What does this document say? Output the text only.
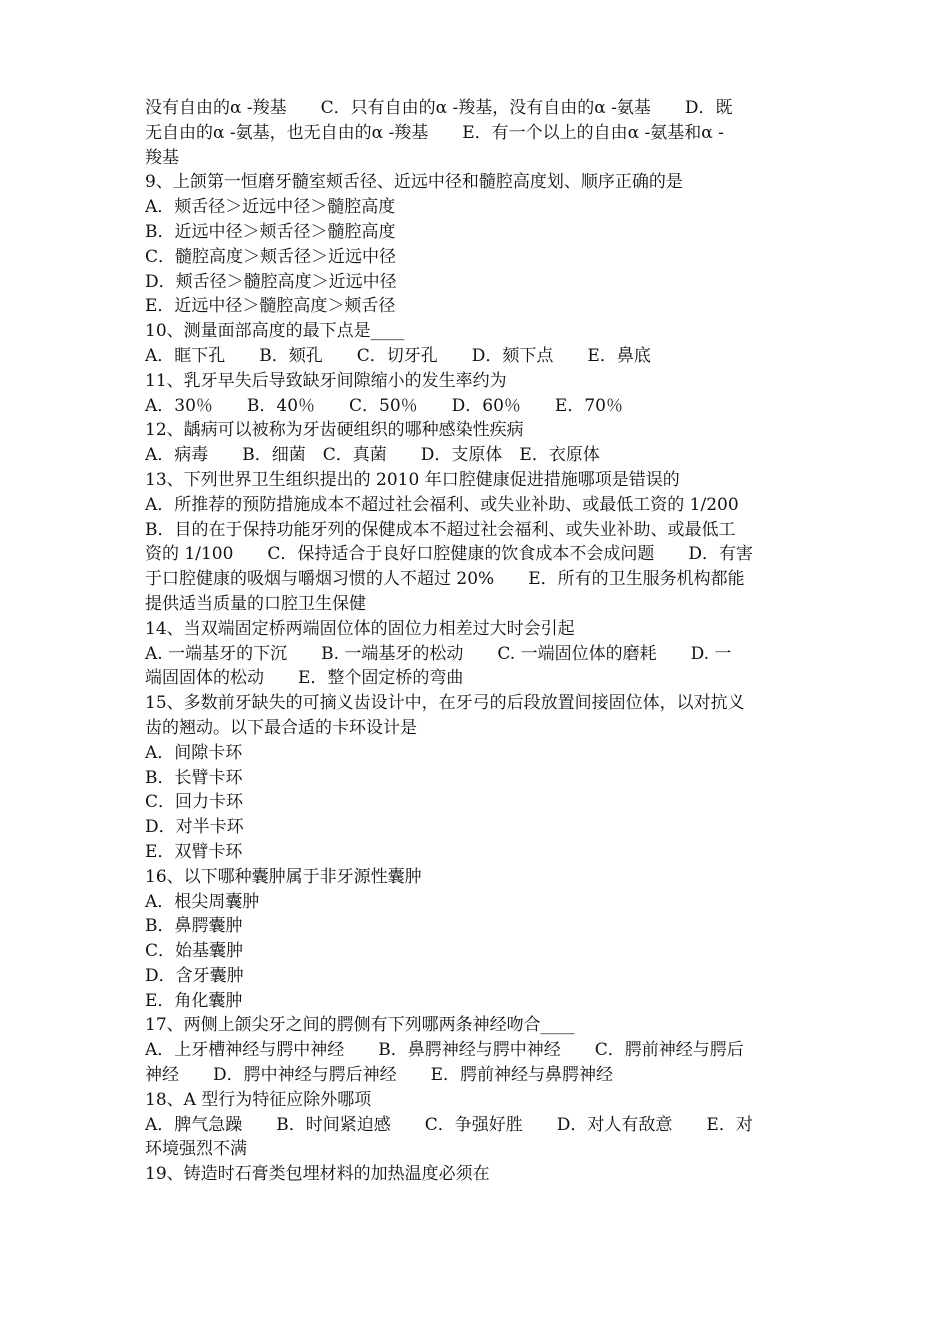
没有自由的α -羧基　　C．只有自由的α -羧基，没有自由的α -氨基　　D．既
无自由的α -氨基，也无自由的α -羧基　　E．有一个以上的自由α -氨基和α -
羧基
9、上颌第一恒磨牙髓室颊舌径、近远中径和髓腔高度划、顺序正确的是
A．颊舌径＞近远中径＞髓腔高度
B．近远中径＞颊舌径＞髓腔高度
C．髓腔高度＞颊舌径＞近远中径
D．颊舌径＞髓腔高度＞近远中径
E．近远中径＞髓腔高度＞颊舌径
10、测量面部高度的最下点是____
A．眶下孔　　B．颏孔　　C．切牙孔　　D．颏下点　　E．鼻底
11、乳牙早失后导致缺牙间隙缩小的发生率约为
A．30％　　B．40％　　C．50％　　D．60％　　E．70％
12、龋病可以被称为牙齿硬组织的哪种感染性疾病
A．病毒　　B．细菌　C．真菌　　D．支原体　E．衣原体
13、下列世界卫生组织提出的 2010 年口腔健康促进措施哪项是错误的
A．所推荐的预防措施成本不超过社会福利、或失业补助、或最低工资的 1/200
B．目的在于保持功能牙列的保健成本不超过社会福利、或失业补助、或最低工
资的 1/100　　C．保持适合于良好口腔健康的饮食成本不会成问题　　D．有害
于口腔健康的吸烟与嚼烟习惯的人不超过 20%　　E．所有的卫生服务机构都能
提供适当质量的口腔卫生保健
14、当双端固定桥两端固位体的固位力相差过大时会引起
A. 一端基牙的下沉　　B. 一端基牙的松动　　C. 一端固位体的磨耗　　D. 一
端固固体的松动　　E．整个固定桥的弯曲
15、多数前牙缺失的可摘义齿设计中，在牙弓的后段放置间接固位体，以对抗义
齿的翘动。以下最合适的卡环设计是
A．间隙卡环
B．长臂卡环
C．回力卡环
D．对半卡环
E．双臂卡环
16、以下哪种囊肿属于非牙源性囊肿
A．根尖周囊肿
B．鼻腭囊肿
C．始基囊肿
D．含牙囊肿
E．角化囊肿
17、两侧上颌尖牙之间的腭侧有下列哪两条神经吻合____
A．上牙槽神经与腭中神经　　B．鼻腭神经与腭中神经　　C．腭前神经与腭后
神经　　D．腭中神经与腭后神经　　E．腭前神经与鼻腭神经
18、A 型行为特征应除外哪项
A．脾气急躁　　B．时间紧迫感　　C．争强好胜　　D．对人有敌意　　E．对
环境强烈不满
19、铸造时石膏类包埋材料的加热温度必须在
